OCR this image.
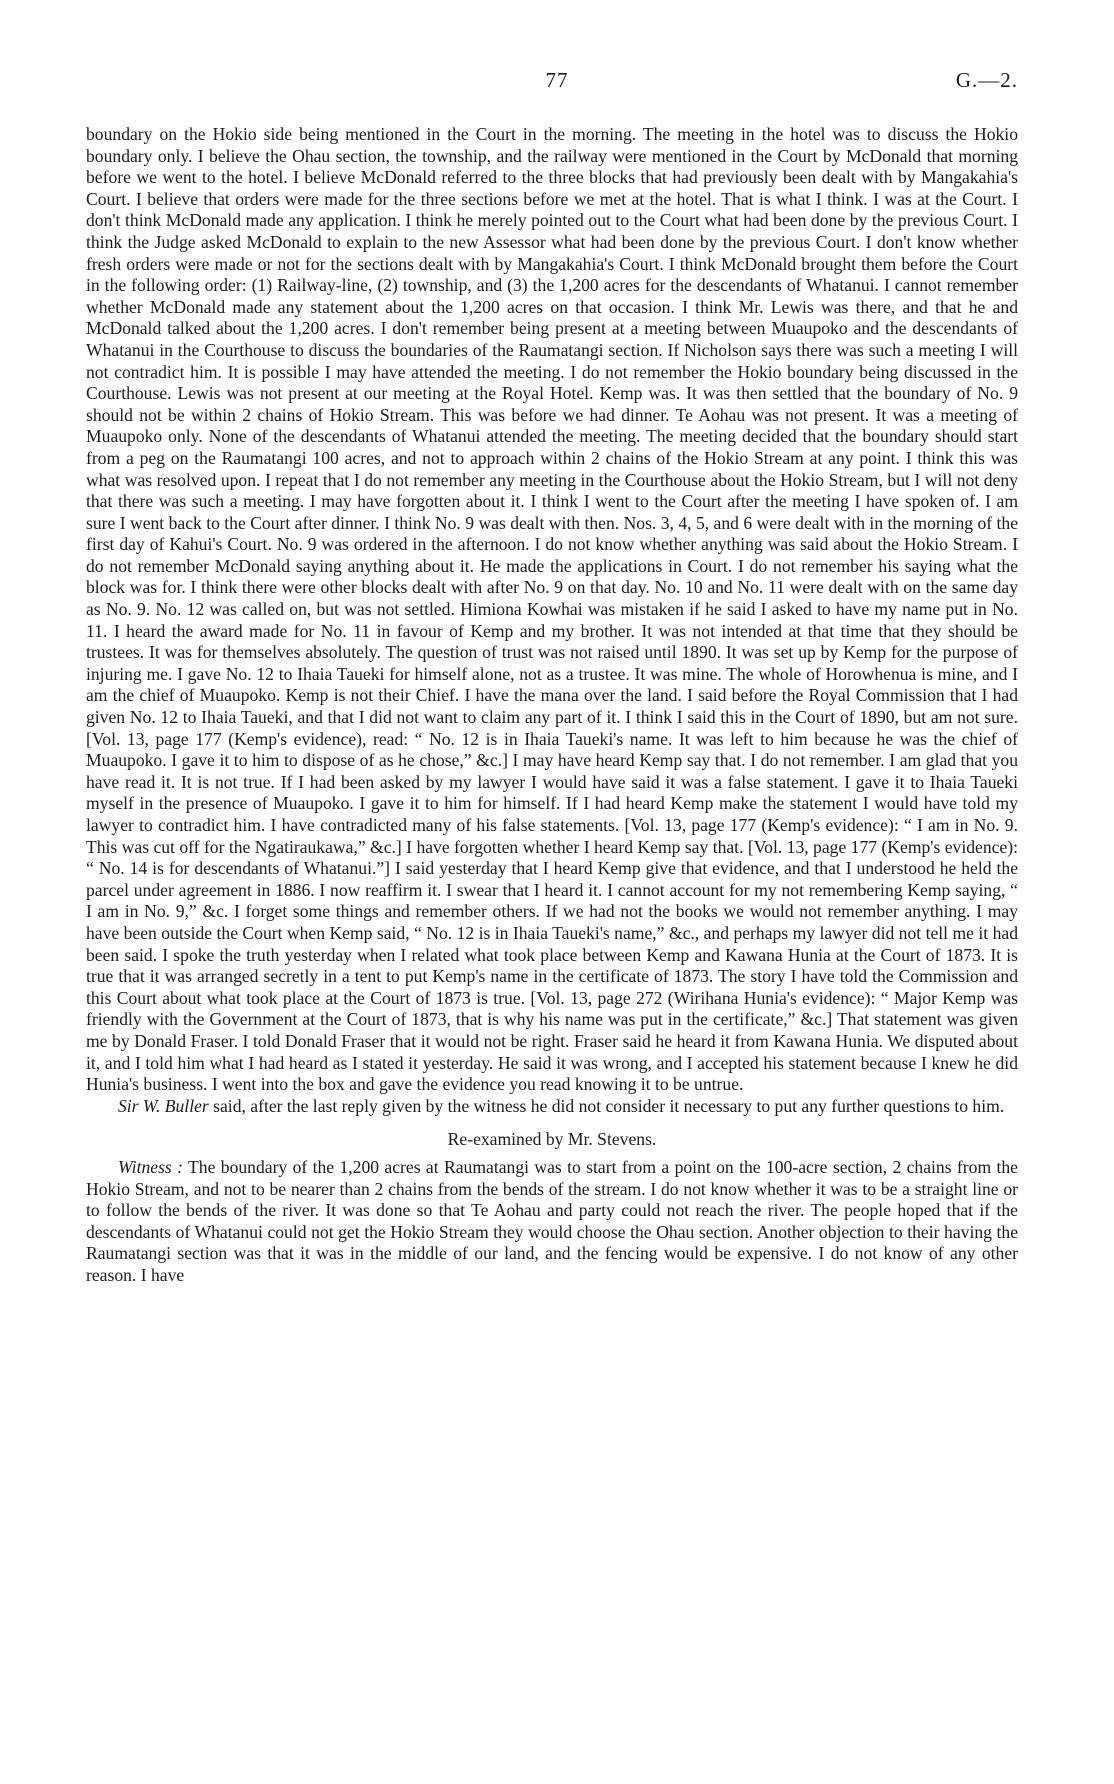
77	G.—2.

boundary on the Hokio side being mentioned in the Court in the morning. The meeting in the hotel was to discuss the Hokio boundary only. I believe the Ohau section, the township, and the railway were mentioned in the Court by McDonald that morning before we went to the hotel. I believe McDonald referred to the three blocks that had previously been dealt with by Mangakahia's Court. I believe that orders were made for the three sections before we met at the hotel. That is what I think. I was at the Court. I don't think McDonald made any application. I think he merely pointed out to the Court what had been done by the previous Court. I think the Judge asked McDonald to explain to the new Assessor what had been done by the previous Court. I don't know whether fresh orders were made or not for the sections dealt with by Mangakahia's Court. I think McDonald brought them before the Court in the following order: (1) Railway-line, (2) township, and (3) the 1,200 acres for the descendants of Whatanui. I cannot remember whether McDonald made any statement about the 1,200 acres on that occasion. I think Mr. Lewis was there, and that he and McDonald talked about the 1,200 acres. I don't remember being present at a meeting between Muaupoko and the descendants of Whatanui in the Courthouse to discuss the boundaries of the Raumatangi section. If Nicholson says there was such a meeting I will not contradict him. It is possible I may have attended the meeting. I do not remember the Hokio boundary being discussed in the Courthouse. Lewis was not present at our meeting at the Royal Hotel. Kemp was. It was then settled that the boundary of No. 9 should not be within 2 chains of Hokio Stream. This was before we had dinner. Te Aohau was not present. It was a meeting of Muaupoko only. None of the descendants of Whatanui attended the meeting. The meeting decided that the boundary should start from a peg on the Raumatangi 100 acres, and not to approach within 2 chains of the Hokio Stream at any point. I think this was what was resolved upon. I repeat that I do not remember any meeting in the Courthouse about the Hokio Stream, but I will not deny that there was such a meeting. I may have forgotten about it. I think I went to the Court after the meeting I have spoken of. I am sure I went back to the Court after dinner. I think No. 9 was dealt with then. Nos. 3, 4, 5, and 6 were dealt with in the morning of the first day of Kahui's Court. No. 9 was ordered in the afternoon. I do not know whether anything was said about the Hokio Stream. I do not remember McDonald saying anything about it. He made the applications in Court. I do not remember his saying what the block was for. I think there were other blocks dealt with after No. 9 on that day. No. 10 and No. 11 were dealt with on the same day as No. 9. No. 12 was called on, but was not settled. Himiona Kowhai was mistaken if he said I asked to have my name put in No. 11. I heard the award made for No. 11 in favour of Kemp and my brother. It was not intended at that time that they should be trustees. It was for themselves absolutely. The question of trust was not raised until 1890. It was set up by Kemp for the purpose of injuring me. I gave No. 12 to Ihaia Taueki for himself alone, not as a trustee. It was mine. The whole of Horowhenua is mine, and I am the chief of Muaupoko. Kemp is not their Chief. I have the mana over the land. I said before the Royal Commission that I had given No. 12 to Ihaia Taueki, and that I did not want to claim any part of it. I think I said this in the Court of 1890, but am not sure. [Vol. 13, page 177 (Kemp's evidence), read: “ No. 12 is in Ihaia Taueki's name. It was left to him because he was the chief of Muaupoko. I gave it to him to dispose of as he chose,” &c.] I may have heard Kemp say that. I do not remember. I am glad that you have read it. It is not true. If I had been asked by my lawyer I would have said it was a false statement. I gave it to Ihaia Taueki myself in the presence of Muaupoko. I gave it to him for himself. If I had heard Kemp make the statement I would have told my lawyer to contradict him. I have contradicted many of his false statements. [Vol. 13, page 177 (Kemp's evidence): “ I am in No. 9. This was cut off for the Ngatiraukawa,” &c.] I have forgotten whether I heard Kemp say that. [Vol. 13, page 177 (Kemp's evidence): “ No. 14 is for descendants of Whatanui.”] I said yesterday that I heard Kemp give that evidence, and that I understood he held the parcel under agreement in 1886. I now reaffirm it. I swear that I heard it. I cannot account for my not remembering Kemp saying, “ I am in No. 9,” &c. I forget some things and remember others. If we had not the books we would not remember anything. I may have been outside the Court when Kemp said, “ No. 12 is in Ihaia Taueki's name,” &c., and perhaps my lawyer did not tell me it had been said. I spoke the truth yesterday when I related what took place between Kemp and Kawana Hunia at the Court of 1873. It is true that it was arranged secretly in a tent to put Kemp's name in the certificate of 1873. The story I have told the Commission and this Court about what took place at the Court of 1873 is true. [Vol. 13, page 272 (Wirihana Hunia's evidence): “ Major Kemp was friendly with the Government at the Court of 1873, that is why his name was put in the certificate,” &c.] That statement was given me by Donald Fraser. I told Donald Fraser that it would not be right. Fraser said he heard it from Kawana Hunia. We disputed about it, and I told him what I had heard as I stated it yesterday. He said it was wrong, and I accepted his statement because I knew he did Hunia's business. I went into the box and gave the evidence you read knowing it to be untrue.

Sir W. Buller said, after the last reply given by the witness he did not consider it necessary to put any further questions to him.

Re-examined by Mr. Stevens.

Witness : The boundary of the 1,200 acres at Raumatangi was to start from a point on the 100-acre section, 2 chains from the Hokio Stream, and not to be nearer than 2 chains from the bends of the stream. I do not know whether it was to be a straight line or to follow the bends of the river. It was done so that Te Aohau and party could not reach the river. The people hoped that if the descendants of Whatanui could not get the Hokio Stream they would choose the Ohau section. Another objection to their having the Raumatangi section was that it was in the middle of our land, and the fencing would be expensive. I do not know of any other reason. I have
